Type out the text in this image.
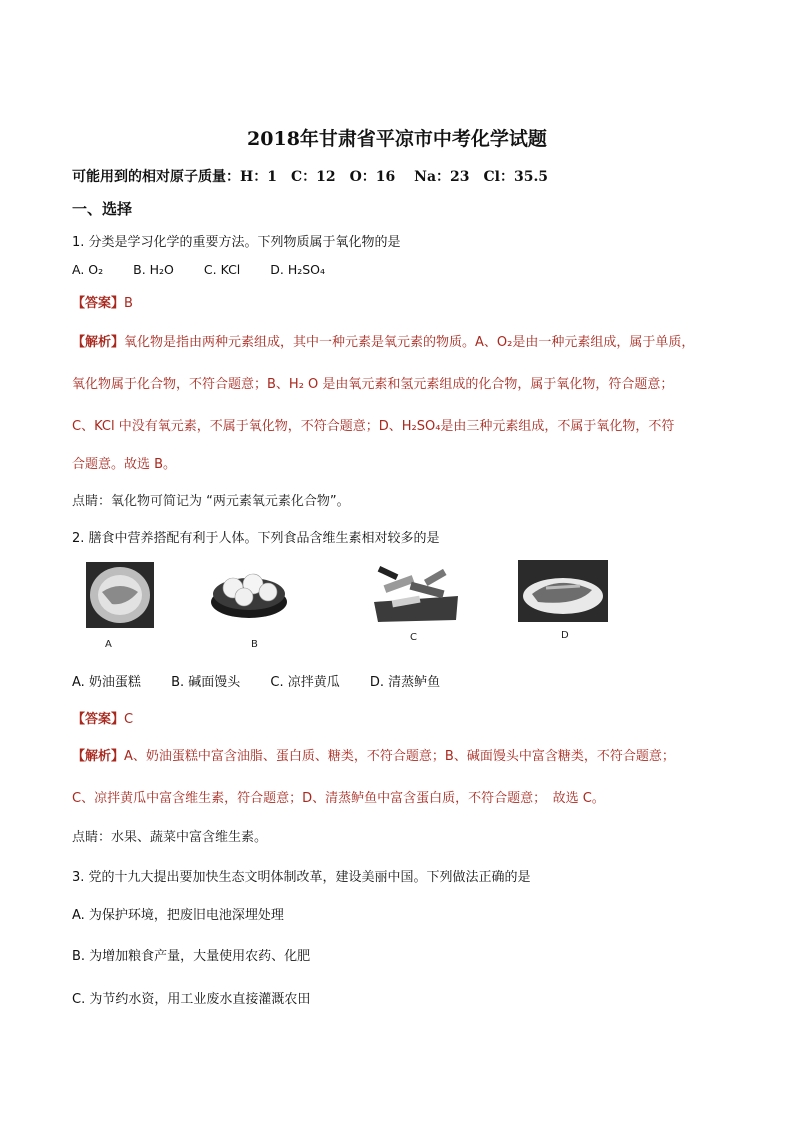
2018年甘肃省平凉市中考化学试题
可能用到的相对原子质量：H：1　C：12　O：16　 Na：23　Cl：35.5
一、选择
1. 分类是学习化学的重要方法。下列物质属于氧化物的是
A. O₂ B. H₂O C. KCl D. H₂SO₄
【答案】B
【解析】氧化物是指由两种元素组成，其中一种元素是氧元素的物质。A、O₂是由一种元素组成，属于单质，
氧化物属于化合物，不符合题意；B、H₂ O 是由氧元素和氢元素组成的化合物，属于氧化物，符合题意；
C、KCl 中没有氧元素，不属于氧化物，不符合题意；D、H₂SO₄是由三种元素组成，不属于氧化物，不符
合题意。故选 B。
点睛：氧化物可简记为 “两元素氧元素化合物”。
2. 膳食中营养搭配有利于人体。下列食品含维生素相对较多的是
A	B
C	D
A. 奶油蛋糕 B. 碱面馒头 C. 凉拌黄瓜 D. 清蒸鲈鱼
【答案】C
【解析】A、奶油蛋糕中富含油脂、蛋白质、糖类，不符合题意；B、碱面馒头中富含糖类，不符合题意；
C、凉拌黄瓜中富含维生素，符合题意；D、清蒸鲈鱼中富含蛋白质，不符合题意；　故选 C。
点睛：水果、蔬菜中富含维生素。
3. 党的十九大提出要加快生态文明体制改革，建设美丽中国。下列做法正确的是
A. 为保护环境，把废旧电池深埋处理
B. 为增加粮食产量，大量使用农药、化肥
C. 为节约水资，用工业废水直接灌溉农田
